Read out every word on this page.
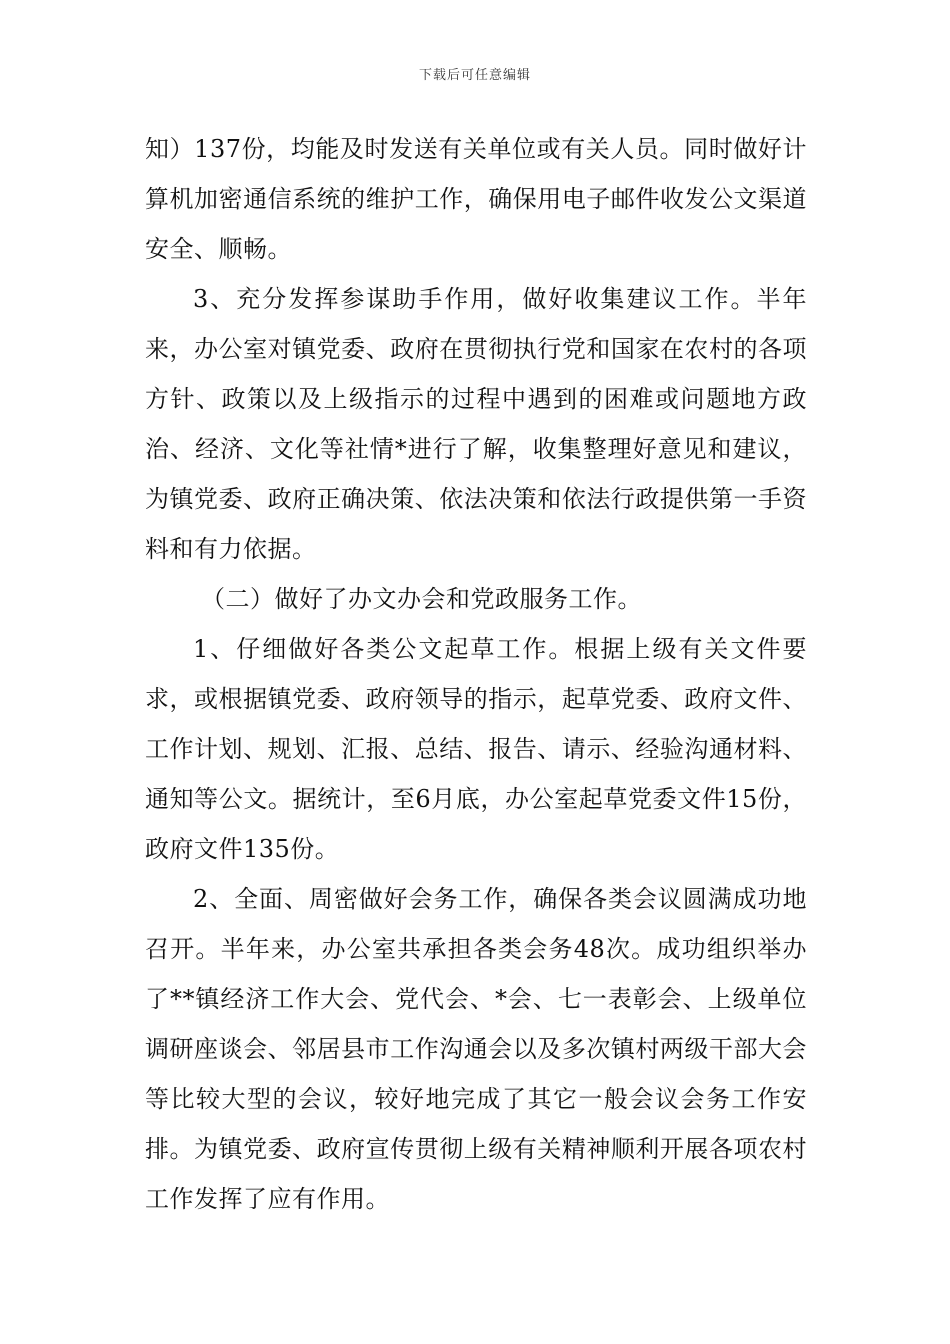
下载后可任意编辑

知）137份，均能及时发送有关单位或有关人员。同时做好计算机加密通信系统的维护工作，确保用电子邮件收发公文渠道安全、顺畅。

3、充分发挥参谋助手作用，做好收集建议工作。半年来，办公室对镇党委、政府在贯彻执行党和国家在农村的各项方针、政策以及上级指示的过程中遇到的困难或问题地方政治、经济、文化等社情*进行了解，收集整理好意见和建议，为镇党委、政府正确决策、依法决策和依法行政提供第一手资料和有力依据。

（二）做好了办文办会和党政服务工作。

1、仔细做好各类公文起草工作。根据上级有关文件要求，或根据镇党委、政府领导的指示，起草党委、政府文件、工作计划、规划、汇报、总结、报告、请示、经验沟通材料、通知等公文。据统计，至6月底，办公室起草党委文件15份，政府文件135份。

2、全面、周密做好会务工作，确保各类会议圆满成功地召开。半年来，办公室共承担各类会务48次。成功组织举办了**镇经济工作大会、党代会、*会、七一表彰会、上级单位调研座谈会、邻居县市工作沟通会以及多次镇村两级干部大会等比较大型的会议，较好地完成了其它一般会议会务工作安排。为镇党委、政府宣传贯彻上级有关精神顺利开展各项农村工作发挥了应有作用。
